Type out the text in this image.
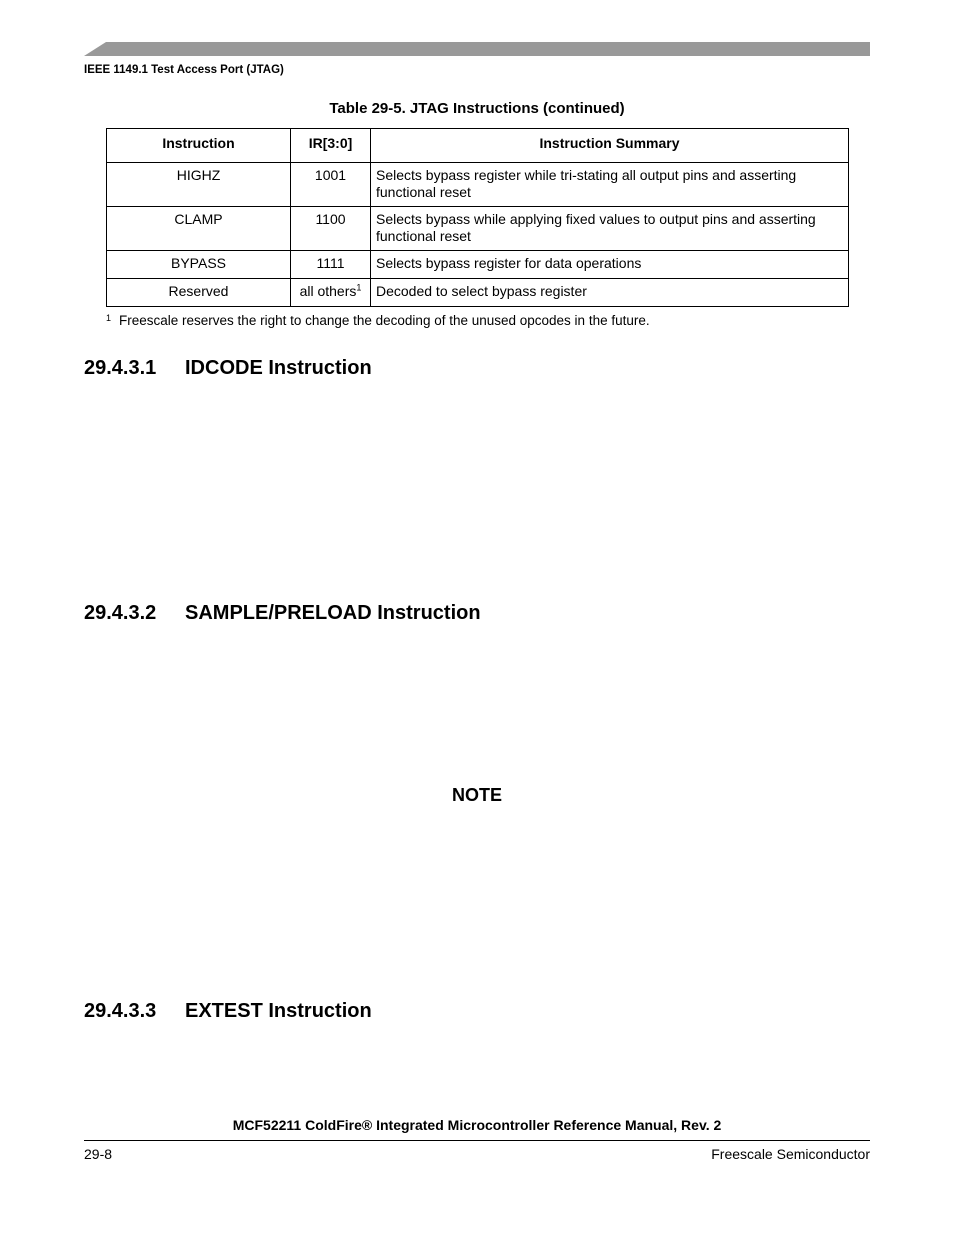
IEEE 1149.1 Test Access Port (JTAG)
Table 29-5. JTAG Instructions (continued)
Instruction	IR[3:0]	Instruction Summary
HIGHZ	1001	Selects bypass register while tri-stating all output pins and asserting functional reset
CLAMP	1100	Selects bypass while applying fixed values to output pins and asserting functional reset
BYPASS	1111	Selects bypass register for data operations
Reserved	all others$^1$	Decoded to select bypass register
$^1$ Freescale reserves the right to change the decoding of the unused opcodes in the future.
29.4.3.1 IDCODE Instruction
29.4.3.2 SAMPLE/PRELOAD Instruction
NOTE
29.4.3.3 EXTEST Instruction
MCF52211 ColdFire® Integrated Microcontroller Reference Manual, Rev. 2
29-8	Freescale Semiconductor
